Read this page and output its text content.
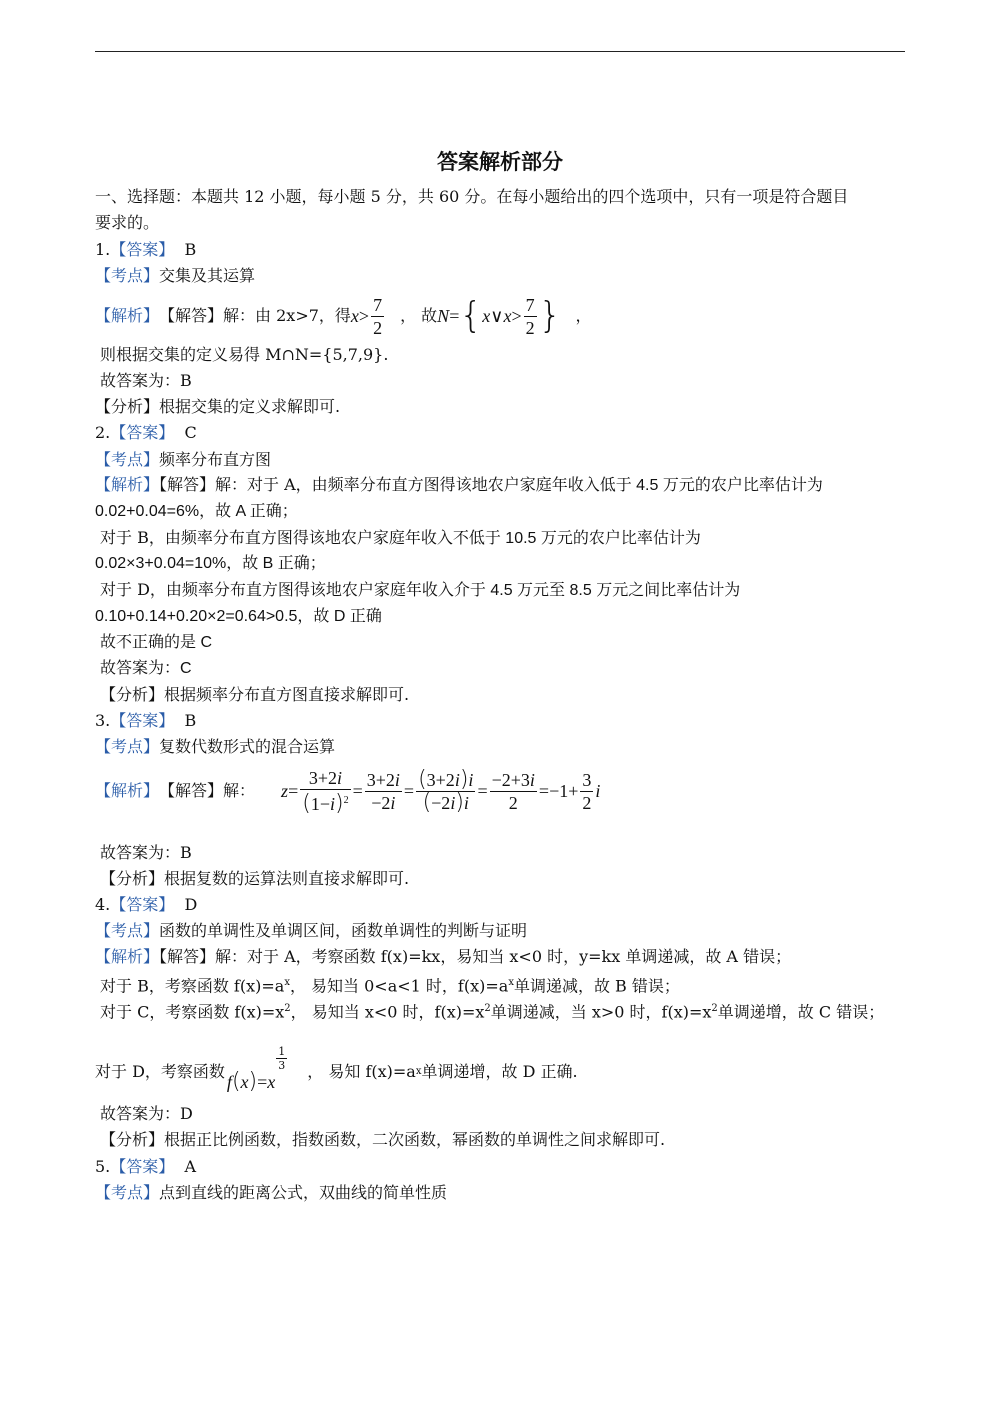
答案解析部分
一、选择题：本题共 12 小题，每小题 5 分，共 60 分。在每小题给出的四个选项中，只有一项是符合题目
要求的。
1.【答案】 B
【考点】交集及其运算
【解析】 【解答】 解：由 2x>7，得 $x > \frac{7}{2}$ ， 故 N = { x ∨ $x > \frac{7}{2}$ } ，
则根据交集的定义易得 M∩N={5,7,9}.
故答案为：B
【分析】根据交集的定义求解即可.
2.【答案】 C
【考点】频率分布直方图
【解析】【解答】解：对于 A，由频率分布直方图得该地农户家庭年收入低于 4.5 万元的农户比率估计为
0.02+0.04=6%，故 A 正确；
对于 B，由频率分布直方图得该地农户家庭年收入不低于 10.5 万元的农户比率估计为
0.02×3+0.04=10%，故 B 正确；
对于 D，由频率分布直方图得该地农户家庭年收入介于 4.5 万元至 8.5 万元之间比率估计为
0.10+0.14+0.20×2=0.64>0.5，故 D 正确
故不正确的是 C
故答案为：C
【分析】根据频率分布直方图直接求解即可.
3.【答案】 B
【考点】复数代数形式的混合运算
【解析】 【解答】 解： $z = \frac{3+2i}{(1-i)^2} = \frac{3+2i}{-2i} = \frac{(3+2i)i}{(-2i)i} = \frac{-2+3i}{2} = -1+ \frac{3}{2}$ i
故答案为：B
【分析】根据复数的运算法则直接求解即可.
4.【答案】 D
【考点】函数的单调性及单调区间，函数单调性的判断与证明
【解析】【解答】解：对于 A，考察函数 f(x)=kx，易知当 x<0 时，y=kx 单调递减，故 A 错误；
对于 B，考察函数 $f(x)=a^x$， 易知当 0<a<1 时，$f(x)=a^x$单调递减，故 B 错误；
对于 C，考察函数 $f(x)=x^2$， 易知当 x<0 时，$f(x)=x^2$单调递减，当 x>0 时，$f(x)=x^2$单调递增，故 C 错误；
对于 D，考察函数 f(x)=x
$\frac{1}{3}$ ， 易知 f(x)=a x 单调递增，故 D 正确.
故答案为：D
【分析】根据正比例函数，指数函数，二次函数，幂函数的单调性之间求解即可.
5.【答案】 A
【考点】点到直线的距离公式，双曲线的简单性质
